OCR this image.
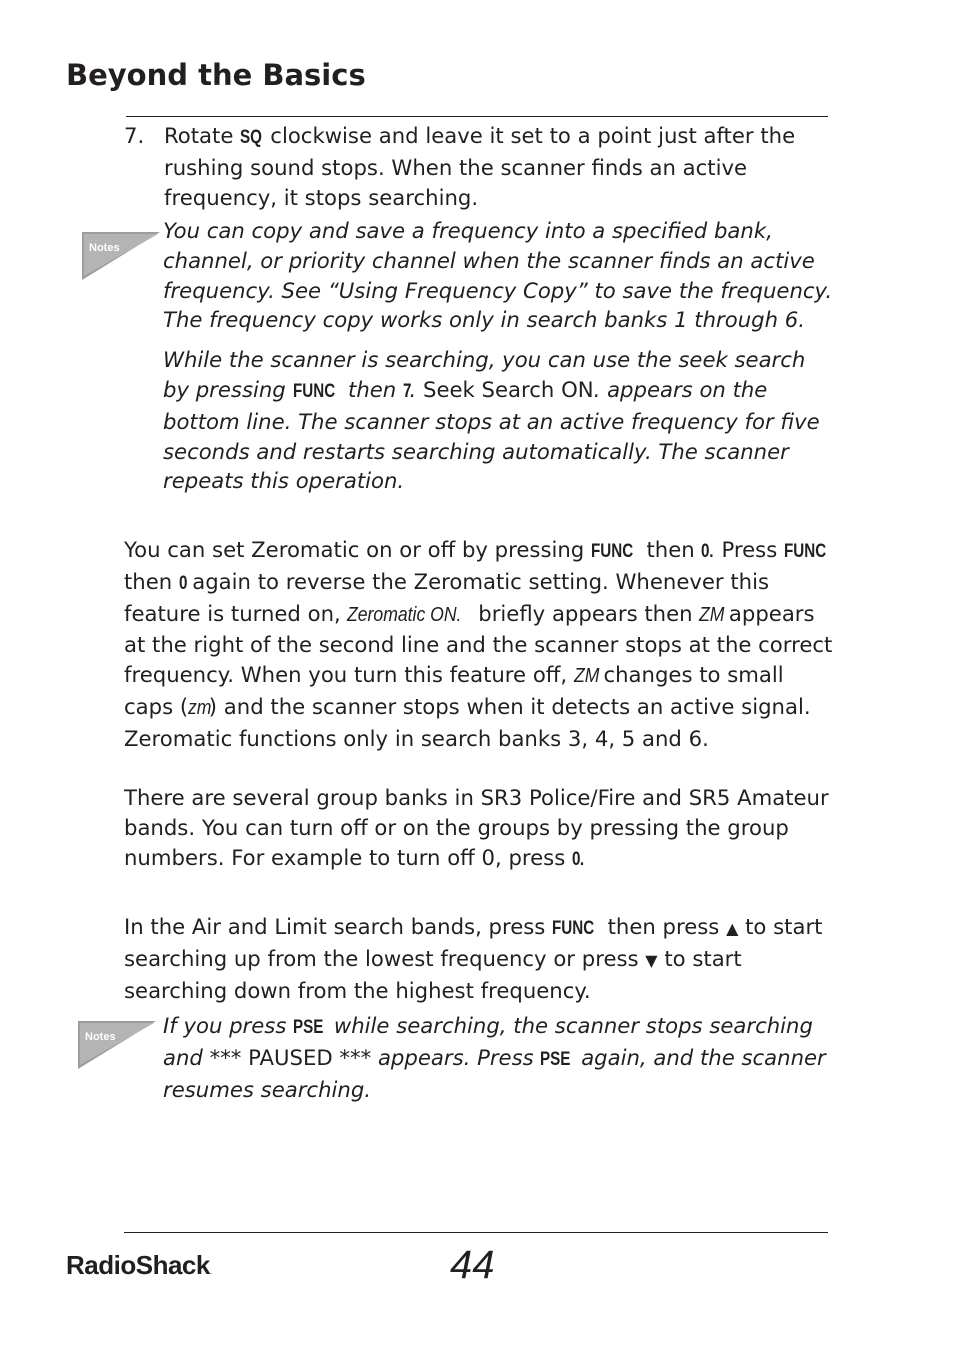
Beyond the Basics
7. Rotate SQ clockwise and leave it set to a point just after the rushing sound stops. When the scanner finds an active frequency, it stops searching.

Notes

You can copy and save a frequency into a specified bank, channel, or priority channel when the scanner finds an active frequency. See “Using Frequency Copy” to save the frequency. The frequency copy works only in search banks 1 through 6.

While the scanner is searching, you can use the seek search by pressing FUNC then 7. Seek Search ON. appears on the bottom line. The scanner stops at an active frequency for five seconds and restarts searching automatically. The scanner repeats this operation.

You can set Zeromatic on or off by pressing FUNC then 0. Press FUNC then 0 again to reverse the Zeromatic setting. Whenever this feature is turned on, Zeromatic ON. briefly appears then ZM appears at the right of the second line and the scanner stops at the correct frequency. When you turn this feature off, ZM changes to small caps (zm) and the scanner stops when it detects an active signal. Zeromatic functions only in search banks 3, 4, 5 and 6.

There are several group banks in SR3 Police/Fire and SR5 Amateur bands. You can turn off or on the groups by pressing the group numbers. For example to turn off 0, press 0.

In the Air and Limit search bands, press FUNC then press ▲ to start searching up from the lowest frequency or press ▼ to start searching down from the highest frequency.

Notes If you press PSE while searching, the scanner stops searching and *** PAUSED *** appears. Press PSE again, and the scanner resumes searching.

RadioShack.	44
